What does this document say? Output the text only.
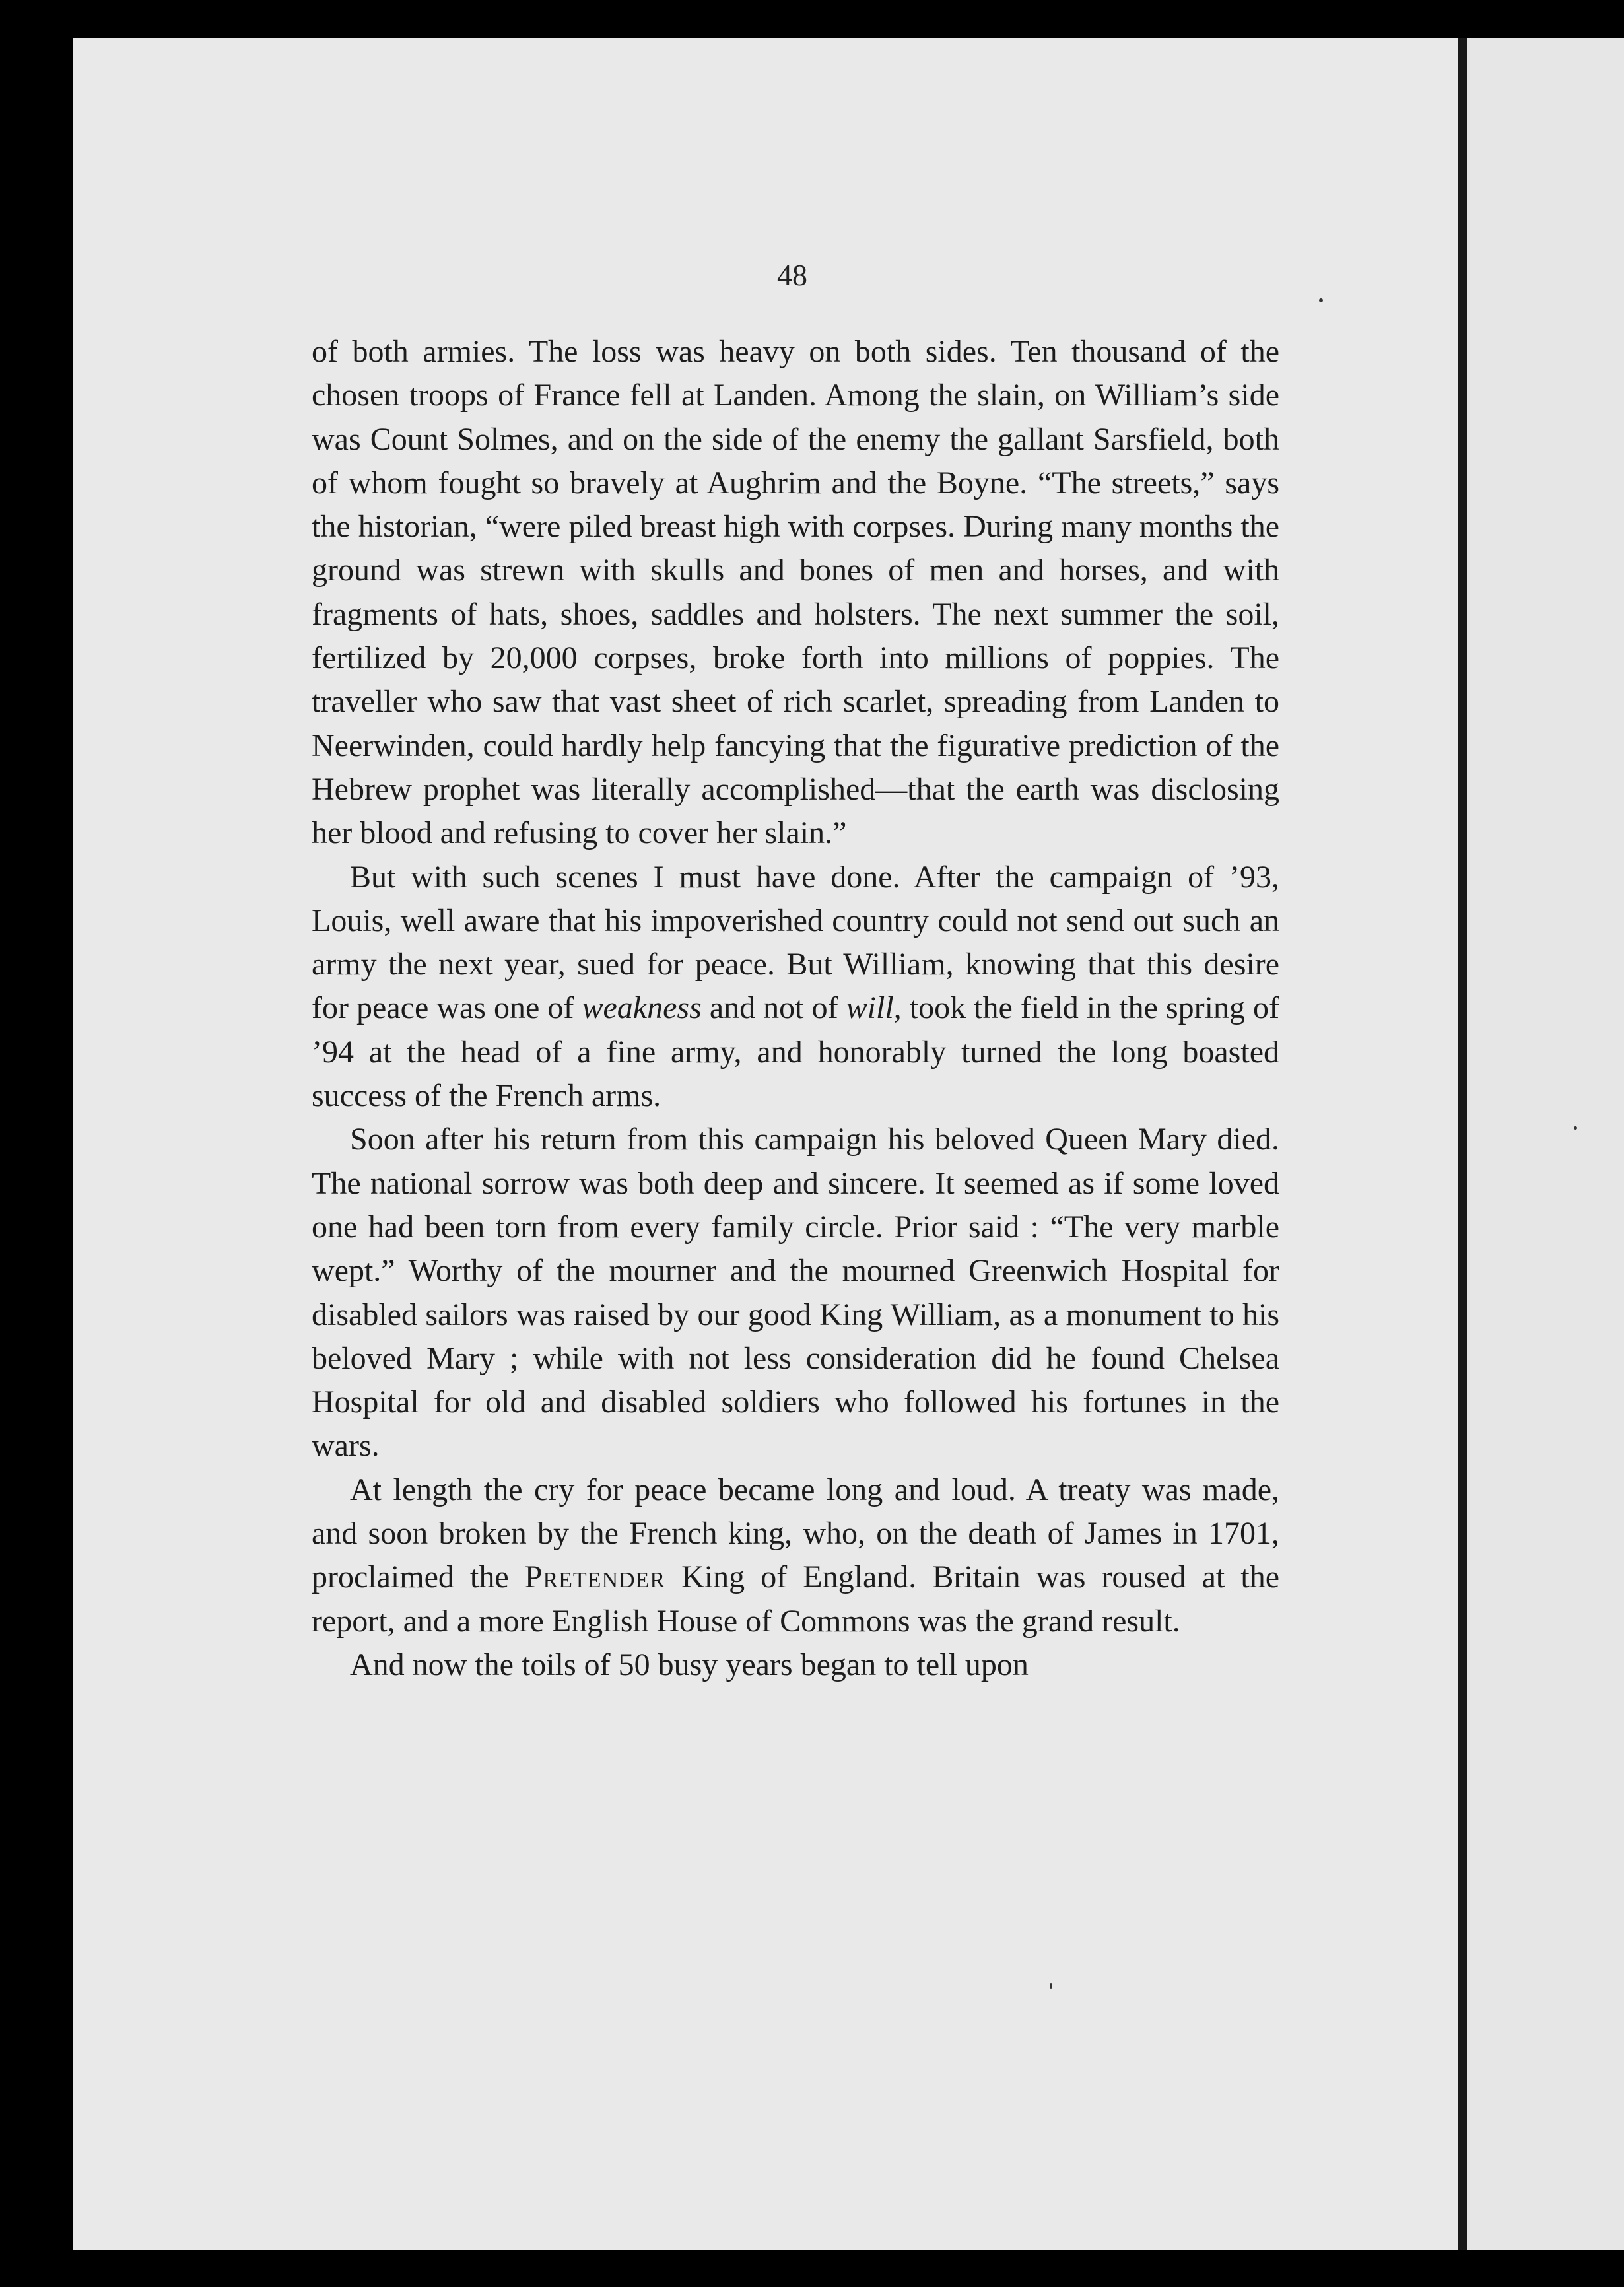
48

of both armies. The loss was heavy on both sides. Ten thousand of the chosen troops of France fell at Landen. Among the slain, on William’s side was Count Solmes, and on the side of the enemy the gallant Sarsfield, both of whom fought so bravely at Aughrim and the Boyne. “The streets,” says the historian, “were piled breast high with corpses. During many months the ground was strewn with skulls and bones of men and horses, and with fragments of hats, shoes, saddles and holsters. The next summer the soil, fertilized by 20,000 corpses, broke forth into millions of poppies. The traveller who saw that vast sheet of rich scarlet, spreading from Landen to Neerwinden, could hardly help fancying that the figurative prediction of the Hebrew prophet was literally accomplished—that the earth was disclosing her blood and refusing to cover her slain.”

But with such scenes I must have done. After the campaign of ’93, Louis, well aware that his impoverished country could not send out such an army the next year, sued for peace. But William, knowing that this desire for peace was one of weakness and not of will, took the field in the spring of ’94 at the head of a fine army, and honorably turned the long boasted success of the French arms.

Soon after his return from this campaign his beloved Queen Mary died. The national sorrow was both deep and sincere. It seemed as if some loved one had been torn from every family circle. Prior said : “The very marble wept.” Worthy of the mourner and the mourned Greenwich Hospital for disabled sailors was raised by our good King William, as a monument to his beloved Mary ; while with not less consideration did he found Chelsea Hospital for old and disabled soldiers who followed his fortunes in the wars.

At length the cry for peace became long and loud. A treaty was made, and soon broken by the French king, who, on the death of James in 1701, proclaimed the Pretender King of England. Britain was roused at the report, and a more English House of Commons was the grand result.

And now the toils of 50 busy years began to tell upon
